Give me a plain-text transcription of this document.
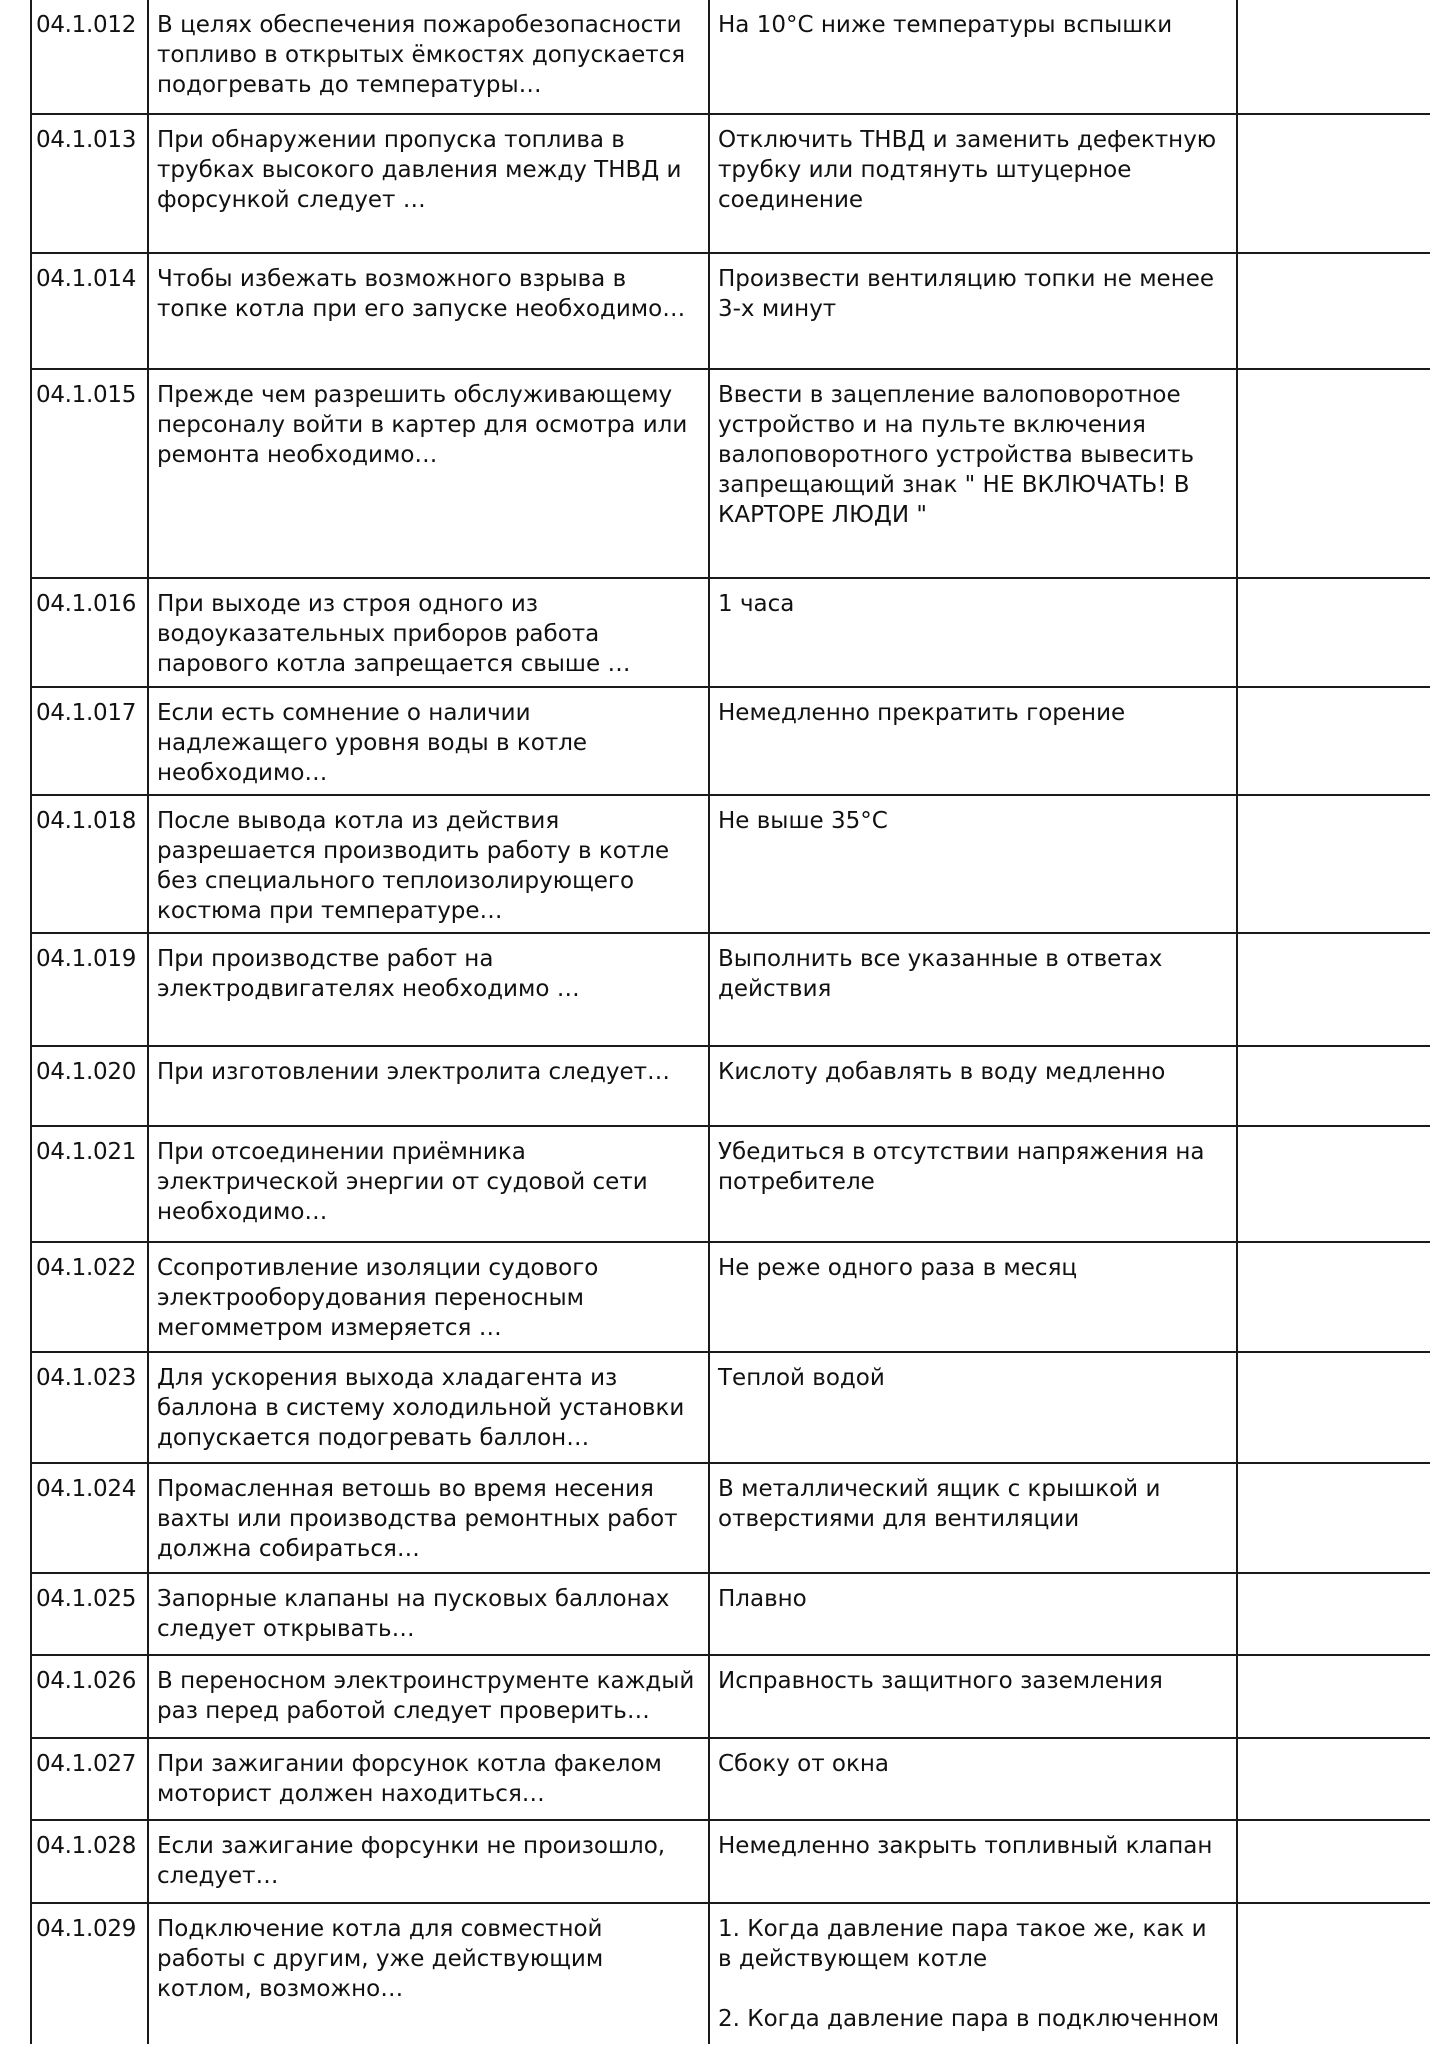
04.1.012	В целях обеспечения пожаробезопасности топливо в открытых ёмкостях допускается подогревать до температуры…	На 10°С ниже температуры вспышки	

04.1.013	При обнаружении пропуска топлива в трубках высокого давления между ТНВД и форсункой следует …	Отключить ТНВД и заменить дефектную трубку или подтянуть штуцерное соединение	

04.1.014	Чтобы избежать возможного взрыва в топке котла при его запуске необходимо…	Произвести вентиляцию топки не менее 3-х минут	

04.1.015	Прежде чем разрешить обслуживающему персоналу войти в картер для осмотра или ремонта необходимо…	Ввести в зацепление валоповоротное устройство и на пульте включения валоповоротного устройства вывесить запрещающий знак " НЕ ВКЛЮЧАТЬ! В КАРТОРЕ ЛЮДИ "	

04.1.016	При выходе из строя одного из водоуказательных приборов работа парового котла запрещается свыше …	1 часа	

04.1.017	Если есть сомнение о наличии надлежащего уровня воды в котле необходимо…	Немедленно прекратить горение	

04.1.018	После вывода котла из действия разрешается производить работу в котле без специального теплоизолирующего костюма при температуре…	Не выше 35°С	

04.1.019	При производстве работ на электродвигателях необходимо …	Выполнить все указанные в ответах действия	

04.1.020	При изготовлении электролита следует…	Кислоту добавлять в воду медленно	

04.1.021	При отсоединении приёмника электрической энергии от судовой сети необходимо…	Убедиться в отсутствии напряжения на потребителе	

04.1.022	Ссопротивление изоляции судового электрооборудования переносным мегомметром измеряется …	Не реже одного раза в месяц	

04.1.023	Для ускорения выхода хладагента из баллона в систему холодильной установки допускается подогревать баллон…	Теплой водой	

04.1.024	Промасленная ветошь во время несения вахты или производства ремонтных работ должна собираться…	В металлический ящик с крышкой и отверстиями для вентиляции	

04.1.025	Запорные клапаны на пусковых баллонах следует открывать…	Плавно	

04.1.026	В переносном электроинструменте каждый раз перед работой следует проверить…	Исправность защитного заземления	

04.1.027	При зажигании форсунок котла факелом моторист должен находиться…	Сбоку от окна	

04.1.028	Если зажигание форсунки не произошло, следует…	Немедленно закрыть топливный клапан	

04.1.029	Подключение котла для совместной работы с другим, уже действующим котлом, возможно…	1. Когда давление пара такое же, как и в действующем котле

2. Когда давление пара в подключенном	
